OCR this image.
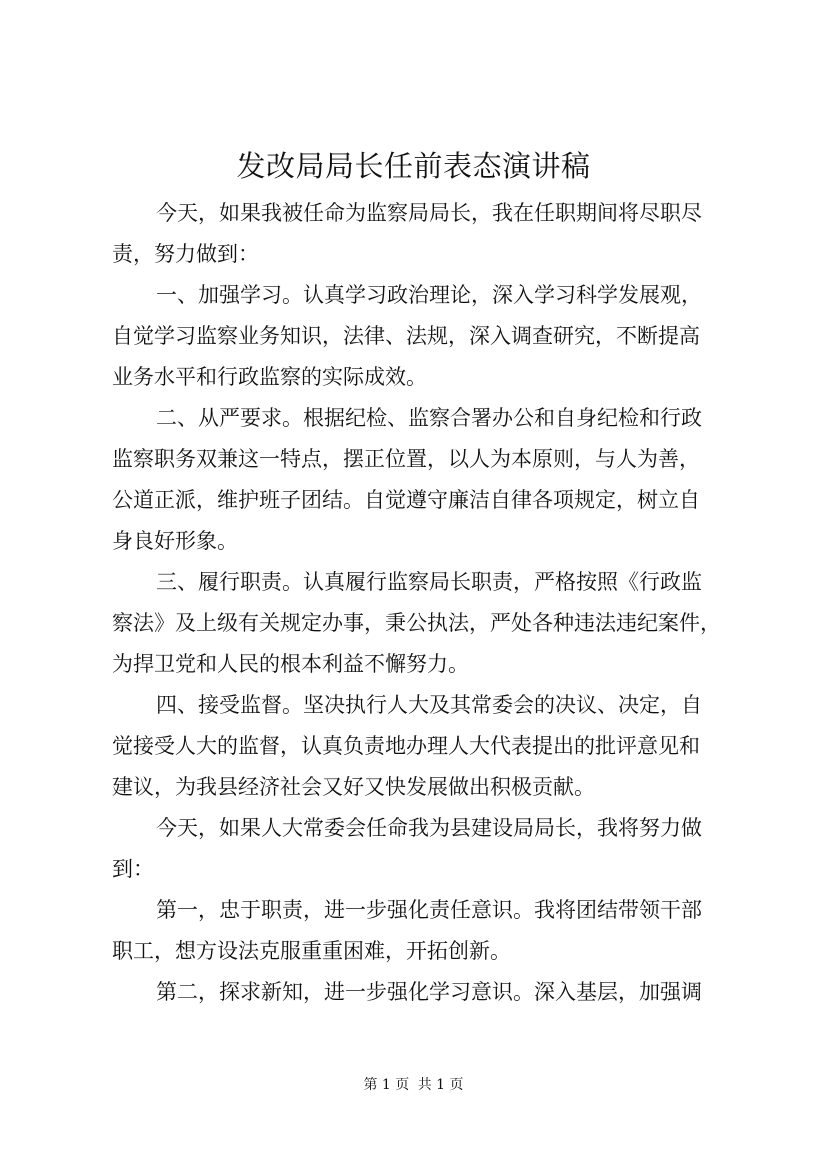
发改局局长任前表态演讲稿
今天，如果我被任命为监察局局长，我在任职期间将尽职尽
责，努力做到：
一、加强学习。认真学习政治理论，深入学习科学发展观，
自觉学习监察业务知识，法律、法规，深入调查研究，不断提高
业务水平和行政监察的实际成效。
二、从严要求。根据纪检、监察合署办公和自身纪检和行政
监察职务双兼这一特点，摆正位置，以人为本原则，与人为善，
公道正派，维护班子团结。自觉遵守廉洁自律各项规定，树立自
身良好形象。
三、履行职责。认真履行监察局长职责，严格按照《行政监
察法》及上级有关规定办事，秉公执法，严处各种违法违纪案件，
为捍卫党和人民的根本利益不懈努力。
四、接受监督。坚决执行人大及其常委会的决议、决定，自
觉接受人大的监督，认真负责地办理人大代表提出的批评意见和
建议，为我县经济社会又好又快发展做出积极贡献。
今天，如果人大常委会任命我为县建设局局长，我将努力做
到：
第一，忠于职责，进一步强化责任意识。我将团结带领干部
职工，想方设法克服重重困难，开拓创新。
第二，探求新知，进一步强化学习意识。深入基层，加强调
第 1 页 共 1 页
